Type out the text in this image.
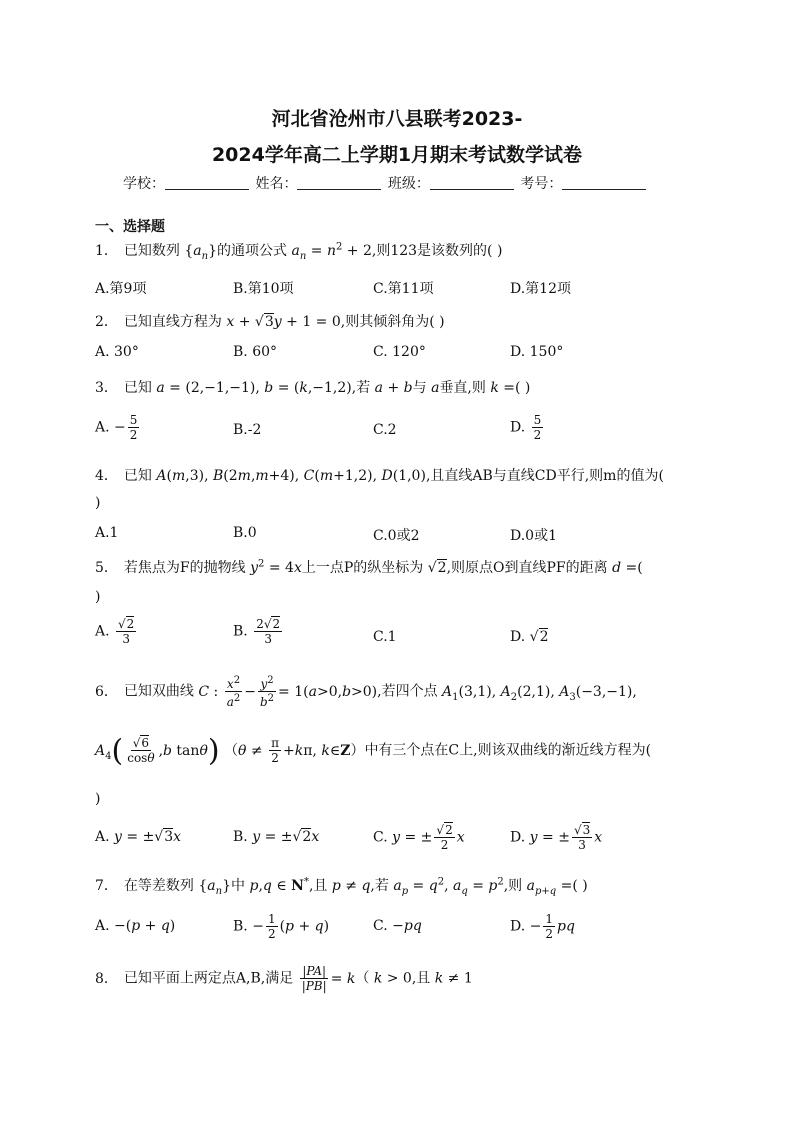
河北省沧州市八县联考2023-
2024学年高二上学期1月期末考试数学试卷
学校：	姓名：	班级：	考号：
一、选择题
1． 已知数列 $\{a_n\}$的通项公式 $a_n = n^2 + 2$,则123是该数列的( )
A.第9项	B.第10项	C.第11项	D.第12项
2． 已知直线方程为 x + √3y + 1 = 0,则其倾斜角为( )
A. 30°	B. 60°	C. 120°	D. 150°
3． 已知 a = (2,−1,−1), b = (k,−1,2),若 a + b与 a垂直,则 k =( )
A. − $\frac{5}{2}$	B.-2	C.2	D. $\frac{5}{2}$
4． 已知 A(m,3), B(2m,m+4), C(m+1,2), D(1,0),且直线AB与直线CD平行,则m的值为(
)
A.1	B.0	C.0或2	D.0或1
5． 若焦点为F的抛物线 $y^2 = 4x$上一点P的纵坐标为 √2,则原点O到直线PF的距离 d =(
)
A. $\frac{√2}{3}$	B. $\frac{2√2}{3}$	C.1	D. √2
6． 已知双曲线 C : $\frac{x^2}{a^2} - \frac{y^2}{b^2} = 1(a>0,b>0)$,若四个点 $A_1(3,1)$, $A_2(2,1)$, $A_3(-3,-1)$,
$A_4( \frac{√6}{\cos\theta} ,b$ tanθ) （$\theta \ne \frac{\pi}{2} +k\pi$, k∈Z）中有三个点在C上,则该双曲线的渐近线方程为(
)
A. y = ±√3x	B. y = ±√2x	C. y = ± $\frac{√2}{2}$ x	D. y = ± $\frac{√3}{3}$ x
7． 在等差数列 $\{a_n\}$中 p,q ∈ N*,且 p ≠ q,若 $a_p = q^2$, $a_q = p^2$,则 $a_{p+q}$ =( )
A. −(p + q)	B. − $\frac{1}{2} (p + q)$	C. −pq	D. − $\frac{1}{2}$ pq
8． 已知平面上两定点A,B,满足 $\frac{|PA|}{|PB|} = k$（ k > 0,且 k ≠ 1
